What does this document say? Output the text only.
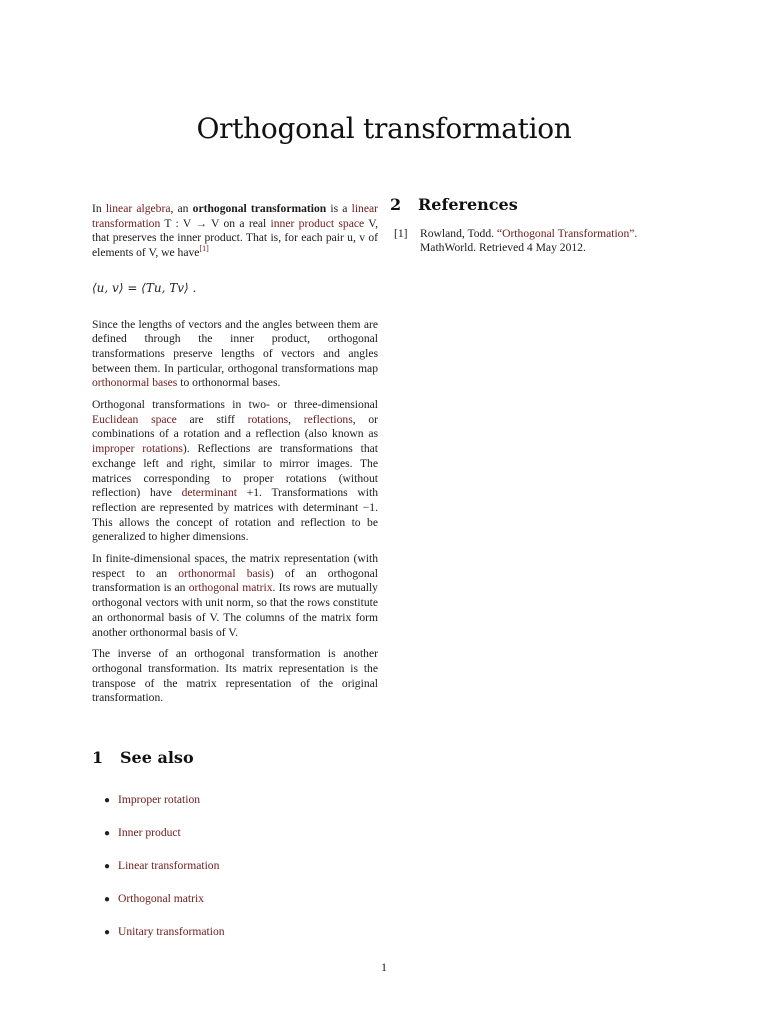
Orthogonal transformation

In linear algebra, an orthogonal transformation is a linear transformation T : V → V on a real inner product space V, that preserves the inner product. That is, for each pair u, v of elements of V, we have[1]

⟨u, v⟩ = ⟨Tu, Tv⟩ .

Since the lengths of vectors and the angles between them are defined through the inner product, orthogonal transformations preserve lengths of vectors and angles between them. In particular, orthogonal transformations map orthonormal bases to orthonormal bases.

Orthogonal transformations in two- or three-dimensional Euclidean space are stiff rotations, reflections, or combinations of a rotation and a reflection (also known as improper rotations). Reflections are transformations that exchange left and right, similar to mirror images. The matrices corresponding to proper rotations (without reflection) have determinant +1. Transformations with reflection are represented by matrices with determinant −1. This allows the concept of rotation and reflection to be generalized to higher dimensions.

In finite-dimensional spaces, the matrix representation (with respect to an orthonormal basis) of an orthogonal transformation is an orthogonal matrix. Its rows are mutually orthogonal vectors with unit norm, so that the rows constitute an orthonormal basis of V. The columns of the matrix form another orthonormal basis of V.

The inverse of an orthogonal transformation is another orthogonal transformation. Its matrix representation is the transpose of the matrix representation of the original transformation.

1 See also
● Improper rotation
● Inner product
● Linear transformation
● Orthogonal matrix
● Unitary transformation
2 References
[1]	Rowland, Todd. “Orthogonal Transformation”. MathWorld. Retrieved 4 May 2012.
1
